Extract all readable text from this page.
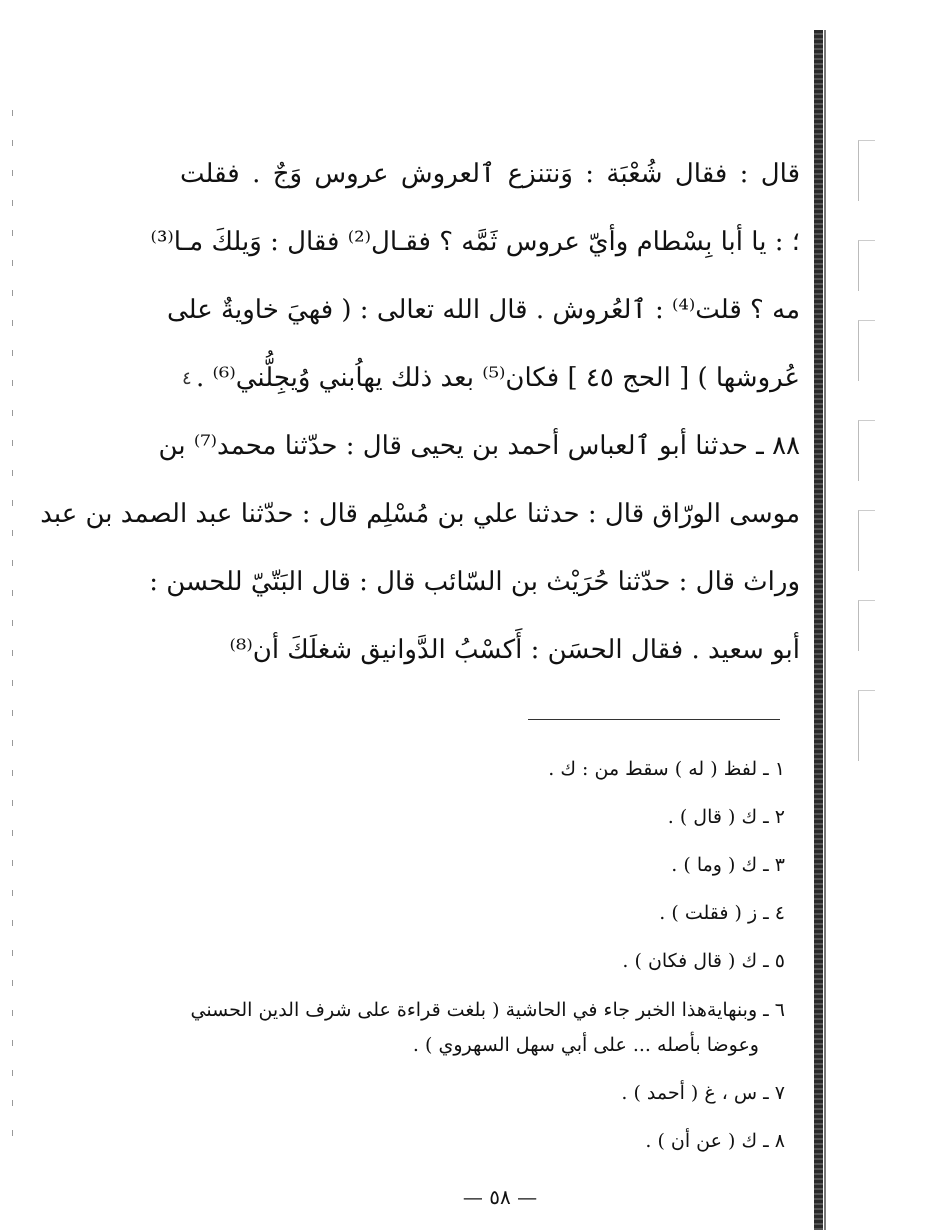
قال : فقال شُعْبَة : وَنتنزع ٱلعروش عروس وَجٌ . فقلت
؛ : يا أبا بِسْطام وأيّ عروس ثَمَّه ؟ فقـال⁽²⁾ فقال : وَيلكَ مـا⁽³⁾
مه ؟ قلت⁽⁴⁾ : ٱلعُروش . قال الله تعالى : ( فهيَ خاويةٌ على
عُروشها ) [ الحج ٤٥ ] فكان⁽⁵⁾ بعد ذلك يهاُبني وُيجِلُّني⁽⁶⁾ .
٨٨ ـ حدثنا أبو ٱلعباس أحمد بن يحيى قال : حدّثنا محمد⁽⁷⁾ بن
موسى الورّاق قال : حدثنا علي بن مُسْلِم قال : حدّثنا عبد الصمد بن عبد
وراث قال : حدّثنا حُرَيْث بن السّائب قال : قال البَتّيّ للحسن :
أبو سعيد . فقال الحسَن : أَكسْبُ الدَّوانيق شغلَكَ أن⁽⁸⁾
٤
١ ـ لفظ ( له ) سقط من : ك .
٢ ـ ك ( قال ) .
٣ ـ ك ( وما ) .
٤ ـ ز ( فقلت ) .
٥ ـ ك ( قال فكان ) .
٦ ـ وبنهايةهذا الخبر جاء في الحاشية ( بلغت قراءة على شرف الدين الحسني
وعوضا بأصله ... على أبي سهل السهروي ) .
٧ ـ س ، غ ( أحمد ) .
٨ ـ ك ( عن أن ) .
— ٥٨ —
